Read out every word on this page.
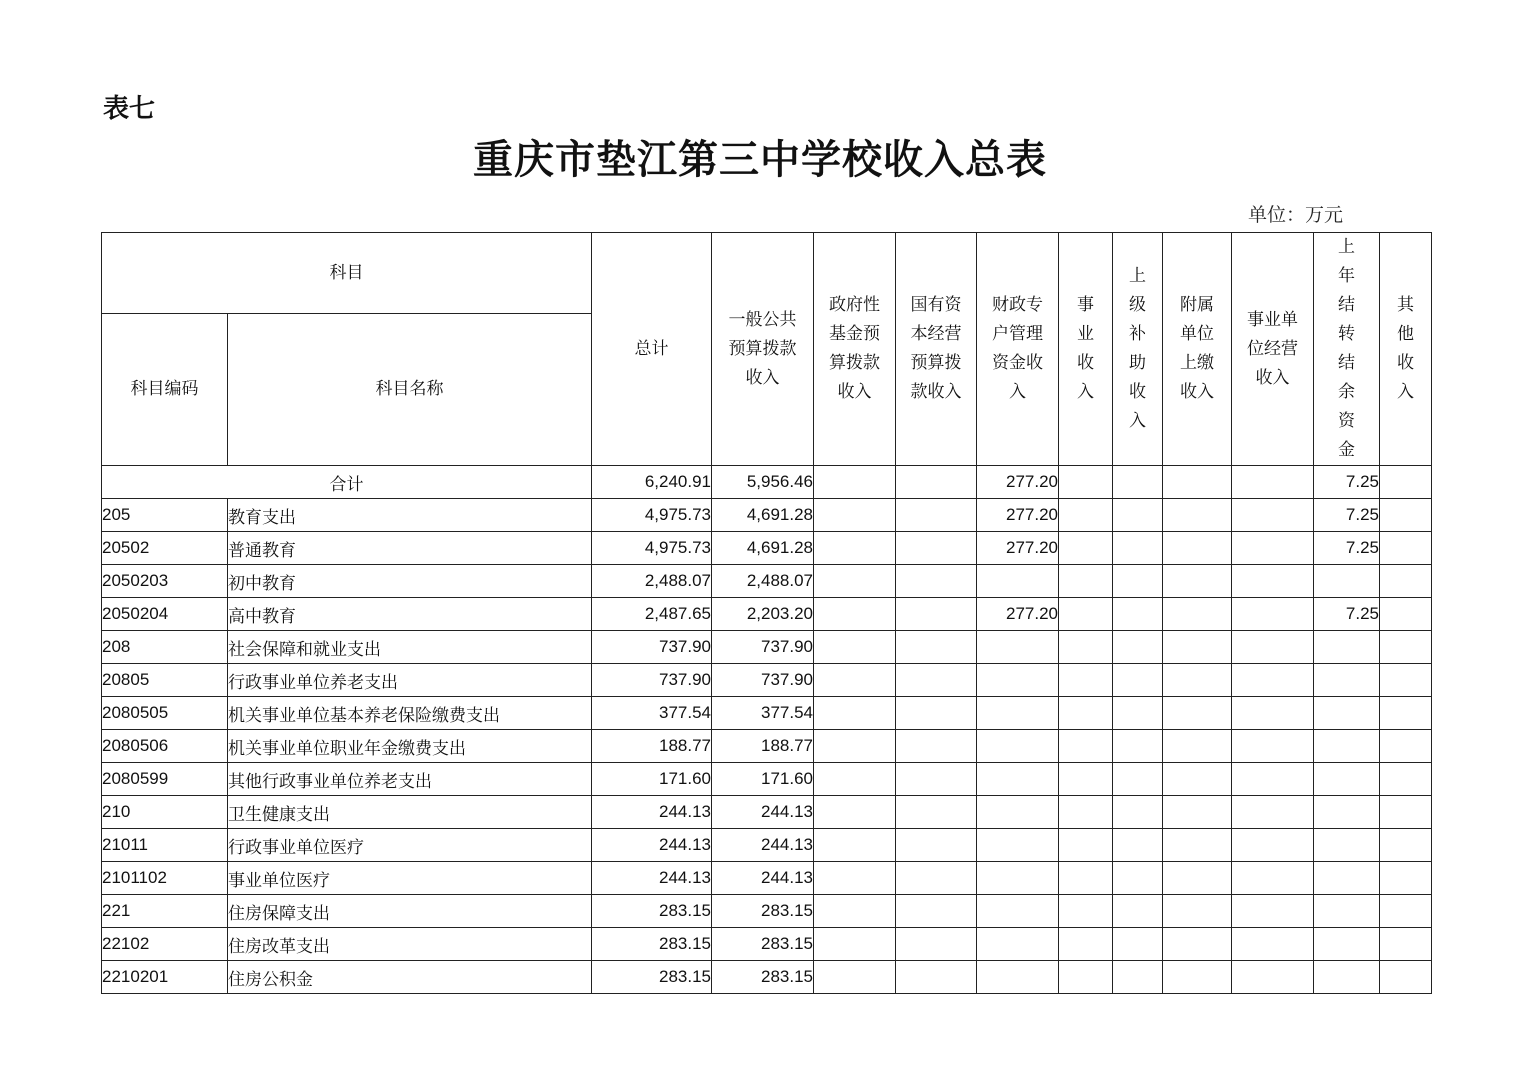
表七
重庆市垫江第三中学校收入总表
单位：万元
科目		总计	一般公共预算拨款收入	政府性基金预算拨款收入	国有资本经营预算拨款收入	财政专户管理资金收入	事业收入	上级补助收入	附属单位上缴收入	事业单位经营收入	上年结转结余资金	其他收入
科目编码	科目名称											
合计		6,240.91	5,956.46			277.20					7.25	
205	教育支出	4,975.73	4,691.28			277.20					7.25	
20502	普通教育	4,975.73	4,691.28			277.20					7.25	
2050203	初中教育	2,488.07	2,488.07									
2050204	高中教育	2,487.65	2,203.20			277.20					7.25	
208	社会保障和就业支出	737.90	737.90									
20805	行政事业单位养老支出	737.90	737.90									
2080505	机关事业单位基本养老保险缴费支出	377.54	377.54									
2080506	机关事业单位职业年金缴费支出	188.77	188.77									
2080599	其他行政事业单位养老支出	171.60	171.60									
210	卫生健康支出	244.13	244.13									
21011	行政事业单位医疗	244.13	244.13									
2101102	事业单位医疗	244.13	244.13									
221	住房保障支出	283.15	283.15									
22102	住房改革支出	283.15	283.15									
2210201	住房公积金	283.15	283.15									
